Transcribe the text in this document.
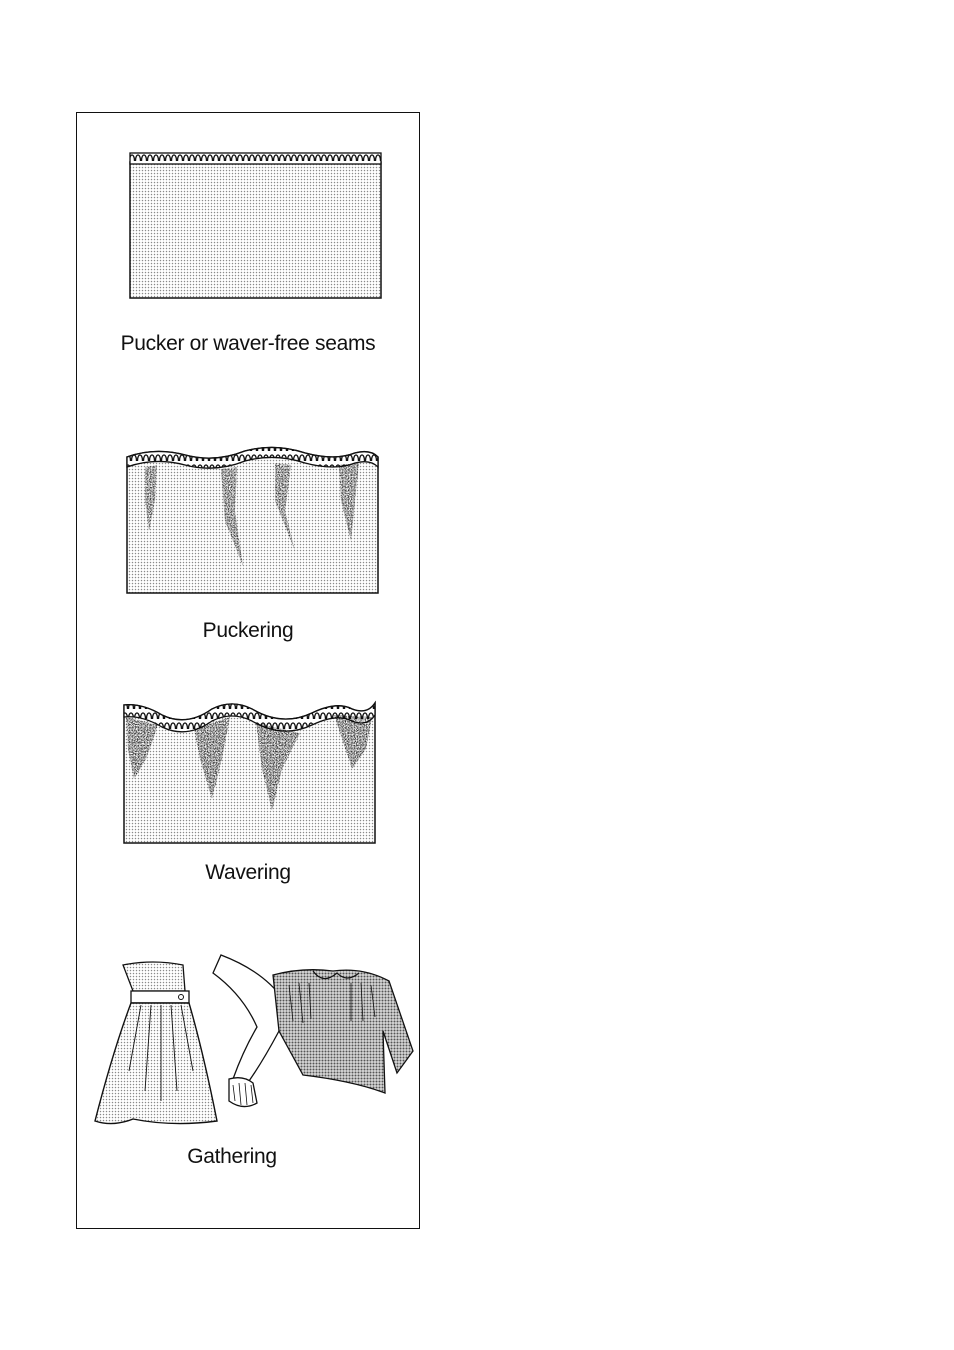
Pucker or waver-free seams
Puckering
Wavering
Gathering
